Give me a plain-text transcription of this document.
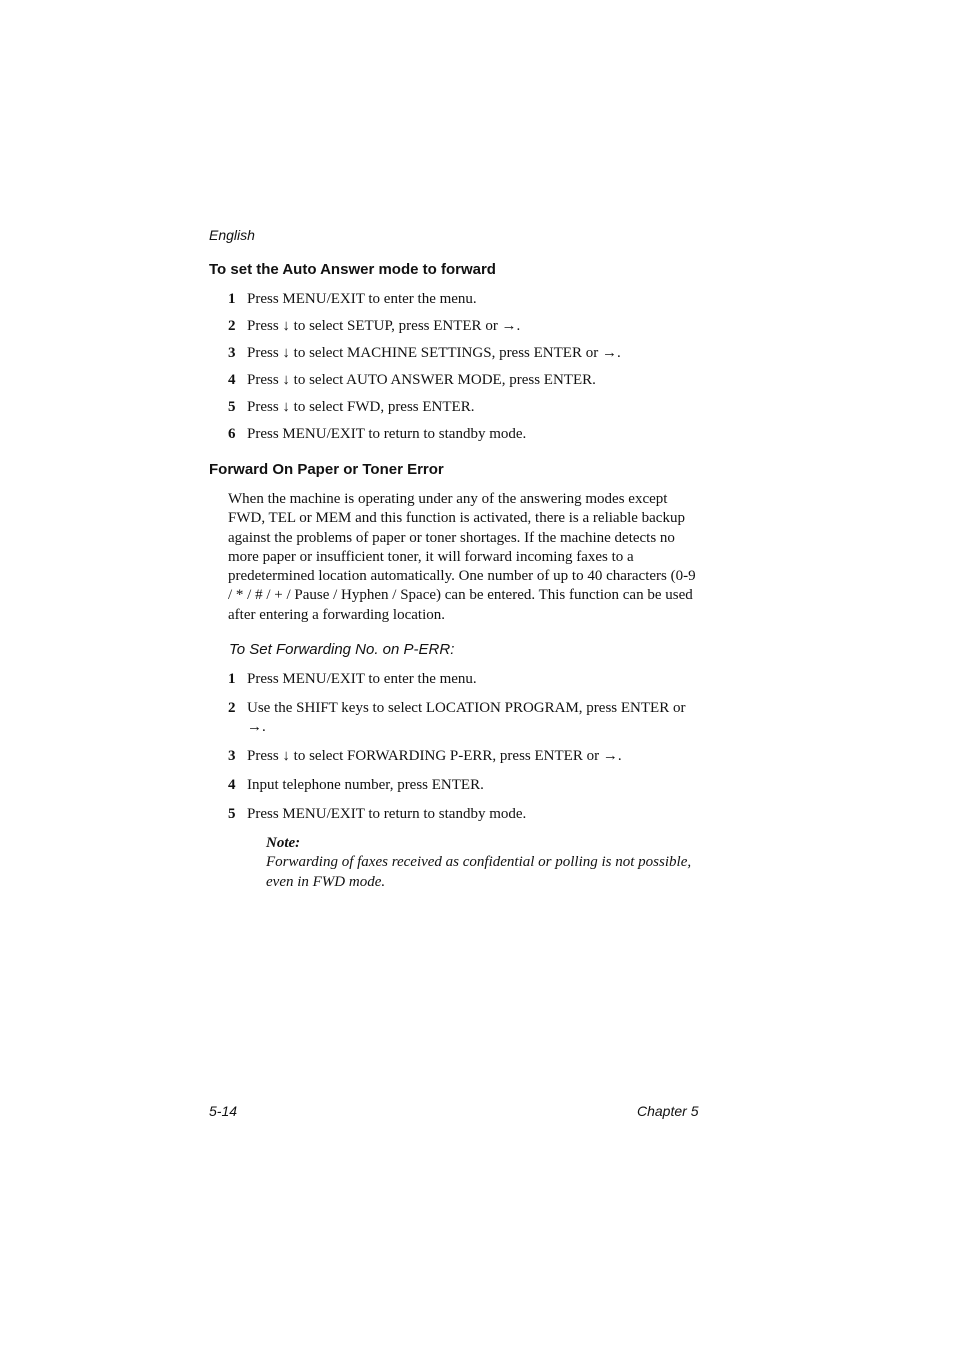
English
To set the Auto Answer mode to forward
1 Press MENU/EXIT to enter the menu.
2 Press ↓ to select SETUP, press ENTER or →.
3 Press ↓ to select MACHINE SETTINGS, press ENTER or →.
4 Press ↓ to select AUTO ANSWER MODE, press ENTER.
5 Press ↓ to select FWD, press ENTER.
6 Press MENU/EXIT to return to standby mode.
Forward On Paper or Toner Error
When the machine is operating under any of the answering modes except FWD, TEL or MEM and this function is activated, there is a reliable backup against the problems of paper or toner shortages. If the machine detects no more paper or insufficient toner, it will forward incoming faxes to a predetermined location automatically. One number of up to 40 characters (0-9 / * / # / + / Pause / Hyphen / Space) can be entered. This function can be used after entering a forwarding location.
To Set Forwarding No. on P-ERR:
1 Press MENU/EXIT to enter the menu.
2 Use the SHIFT keys to select LOCATION PROGRAM, press ENTER or →.
3 Press ↓ to select FORWARDING P-ERR, press ENTER or →.
4 Input telephone number, press ENTER.
5 Press MENU/EXIT to return to standby mode.
Note:
Forwarding of faxes received as confidential or polling is not possible, even in FWD mode.
5-14	Chapter 5
